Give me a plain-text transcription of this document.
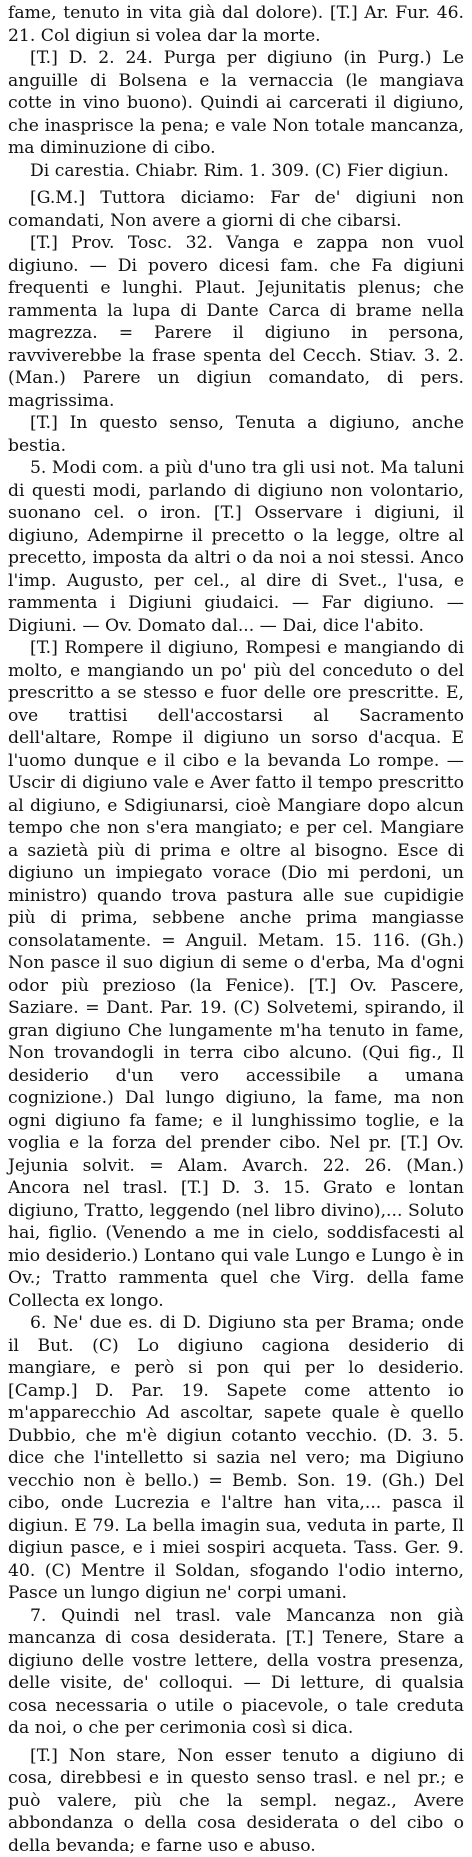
fame, tenuto in vita già dal dolore). [T.] Ar. Fur. 46. 21. Col digiun si volea dar la morte.

[T.] D. 2. 24. Purga per digiuno (in Purg.) Le anguille di Bolsena e la vernaccia (le mangiava cotte in vino buono). Quindi ai carcerati il digiuno, che inasprisce la pena; e vale Non totale mancanza, ma diminuzione di cibo.

Di carestia. Chiabr. Rim. 1. 309. (C) Fier digiun.

[G.M.] Tuttora diciamo: Far de' digiuni non comandati, Non avere a giorni di che cibarsi.

[T.] Prov. Tosc. 32. Vanga e zappa non vuol digiuno. — Di povero dicesi fam. che Fa digiuni frequenti e lunghi. Plaut. Jejunitatis plenus; che rammenta la lupa di Dante Carca di brame nella magrezza. = Parere il digiuno in persona, ravviverebbe la frase spenta del Cecch. Stiav. 3. 2. (Man.) Parere un digiun comandato, di pers. magrissima.

[T.] In questo senso, Tenuta a digiuno, anche bestia.

5. Modi com. a più d'uno tra gli usi not. Ma taluni di questi modi, parlando di digiuno non volontario, suonano cel. o iron. [T.] Osservare i digiuni, il digiuno, Adempirne il precetto o la legge, oltre al precetto, imposta da altri o da noi a noi stessi. Anco l'imp. Augusto, per cel., al dire di Svet., l'usa, e rammenta i Digiuni giudaici. — Far digiuno. — Digiuni. — Ov. Domato dal... — Dai, dice l'abito.

[T.] Rompere il digiuno, Rompesi e mangiando di molto, e mangiando un po' più del conceduto o del prescritto a se stesso e fuor delle ore prescritte. E, ove trattisi dell'accostarsi al Sacramento dell'altare, Rompe il digiuno un sorso d'acqua. E l'uomo dunque e il cibo e la bevanda Lo rompe. — Uscir di digiuno vale e Aver fatto il tempo prescritto al digiuno, e Sdigiunarsi, cioè Mangiare dopo alcun tempo che non s'era mangiato; e per cel. Mangiare a sazietà più di prima e oltre al bisogno. Esce di digiuno un impiegato vorace (Dio mi perdoni, un ministro) quando trova pastura alle sue cupidigie più di prima, sebbene anche prima mangiasse consolatamente. = Anguil. Metam. 15. 116. (Gh.) Non pasce il suo digiun di seme o d'erba, Ma d'ogni odor più prezioso (la Fenice). [T.] Ov. Pascere, Saziare. = Dant. Par. 19. (C) Solvetemi, spirando, il gran digiuno Che lungamente m'ha tenuto in fame, Non trovandogli in terra cibo alcuno. (Qui fig., Il desiderio d'un vero accessibile a umana cognizione.) Dal lungo digiuno, la fame, ma non ogni digiuno fa fame; e il lunghissimo toglie, e la voglia e la forza del prender cibo. Nel pr. [T.] Ov. Jejunia solvit. = Alam. Avarch. 22. 26. (Man.) Ancora nel trasl. [T.] D. 3. 15. Grato e lontan digiuno, Tratto, leggendo (nel libro divino),... Soluto hai, figlio. (Venendo a me in cielo, soddisfacesti al mio desiderio.) Lontano qui vale Lungo e Lungo è in Ov.; Tratto rammenta quel che Virg. della fame Collecta ex longo.

6. Ne' due es. di D. Digiuno sta per Brama; onde il But. (C) Lo digiuno cagiona desiderio di mangiare, e però si pon qui per lo desiderio. [Camp.] D. Par. 19. Sapete come attento io m'apparecchio Ad ascoltar, sapete quale è quello Dubbio, che m'è digiun cotanto vecchio. (D. 3. 5. dice che l'intelletto si sazia nel vero; ma Digiuno vecchio non è bello.) = Bemb. Son. 19. (Gh.) Del cibo, onde Lucrezia e l'altre han vita,... pasca il digiun. E 79. La bella imagin sua, veduta in parte, Il digiun pasce, e i miei sospiri acqueta. Tass. Ger. 9. 40. (C) Mentre il Soldan, sfogando l'odio interno, Pasce un lungo digiun ne' corpi umani.

7. Quindi nel trasl. vale Mancanza non già mancanza di cosa desiderata. [T.] Tenere, Stare a digiuno delle vostre lettere, della vostra presenza, delle visite, de' colloqui. — Di letture, di qualsia cosa necessaria o utile o piacevole, o tale creduta da noi, o che per cerimonia così si dica.

[T.] Non stare, Non esser tenuto a digiuno di cosa, direbbesi e in questo senso trasl. e nel pr.; e può valere, più che la sempl. negaz., Avere abbondanza o della cosa desiderata o del cibo o della bevanda; e farne uso e abuso.
